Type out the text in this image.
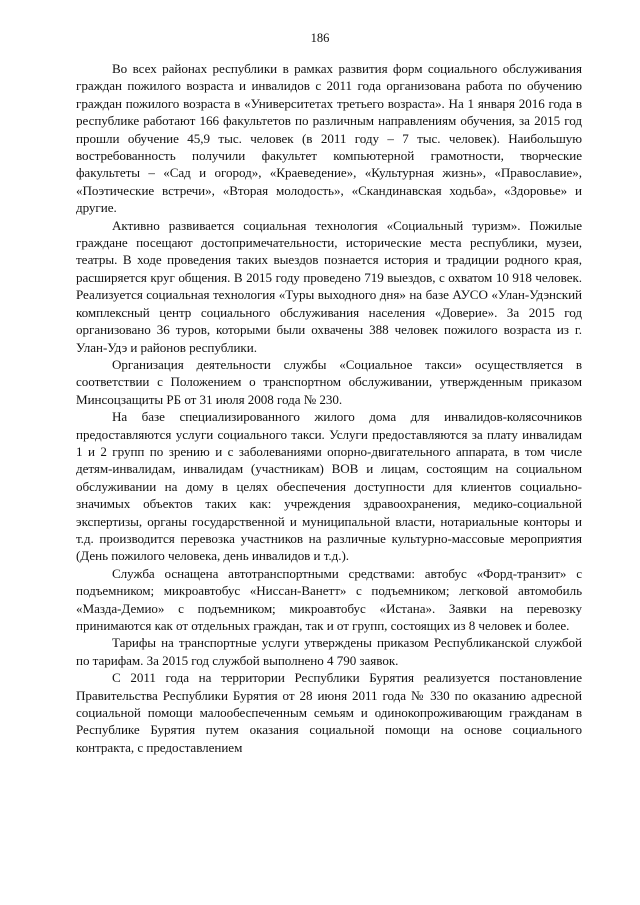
186

Во всех районах республики в рамках развития форм социального обслуживания граждан пожилого возраста и инвалидов с 2011 года организована работа по обучению граждан пожилого возраста в «Университетах третьего возраста». На 1 января 2016 года в республике работают 166 факультетов по различным направлениям обучения, за 2015 год прошли обучение 45,9 тыс. человек (в 2011 году – 7 тыс. человек). Наибольшую востребованность получили факультет компьютерной грамотности, творческие факультеты – «Сад и огород», «Краеведение», «Культурная жизнь», «Православие», «Поэтические встречи», «Вторая молодость», «Скандинавская ходьба», «Здоровье» и другие.

Активно развивается социальная технология «Социальный туризм». Пожилые граждане посещают достопримечательности, исторические места республики, музеи, театры. В ходе проведения таких выездов познается история и традиции родного края, расширяется круг общения. В 2015 году проведено 719 выездов, с охватом 10 918 человек. Реализуется социальная технология «Туры выходного дня» на базе АУСО «Улан-Удэнский комплексный центр социального обслуживания населения «Доверие». За 2015 год организовано 36 туров, которыми были охвачены 388 человек пожилого возраста из г. Улан-Удэ и районов республики.

Организация деятельности службы «Социальное такси» осуществляется в соответствии с Положением о транспортном обслуживании, утвержденным приказом Минсоцзащиты РБ от 31 июля 2008 года № 230.

На базе специализированного жилого дома для инвалидов-колясочников предоставляются услуги социального такси. Услуги предоставляются за плату инвалидам 1 и 2 групп по зрению и с заболеваниями опорно-двигательного аппарата, в том числе детям-инвалидам, инвалидам (участникам) ВОВ и лицам, состоящим на социальном обслуживании на дому в целях обеспечения доступности для клиентов социально-значимых объектов таких как: учреждения здравоохранения, медико-социальной экспертизы, органы государственной и муниципальной власти, нотариальные конторы и т.д. производится перевозка участников на различные культурно-массовые мероприятия (День пожилого человека, день инвалидов и т.д.).

Служба оснащена автотранспортными средствами: автобус «Форд-транзит» с подъемником; микроавтобус «Ниссан-Ванетт» с подъемником; легковой автомобиль «Мазда-Демио» с подъемником; микроавтобус «Истана». Заявки на перевозку принимаются как от отдельных граждан, так и от групп, состоящих из 8 человек и более.

Тарифы на транспортные услуги утверждены приказом Республиканской службой по тарифам. За 2015 год службой выполнено 4 790 заявок.

С 2011 года на территории Республики Бурятия реализуется постановление Правительства Республики Бурятия от 28 июня 2011 года № 330 по оказанию адресной социальной помощи малообеспеченным семьям и одинокопроживающим гражданам в Республике Бурятия путем оказания социальной помощи на основе социального контракта, с предоставлением
